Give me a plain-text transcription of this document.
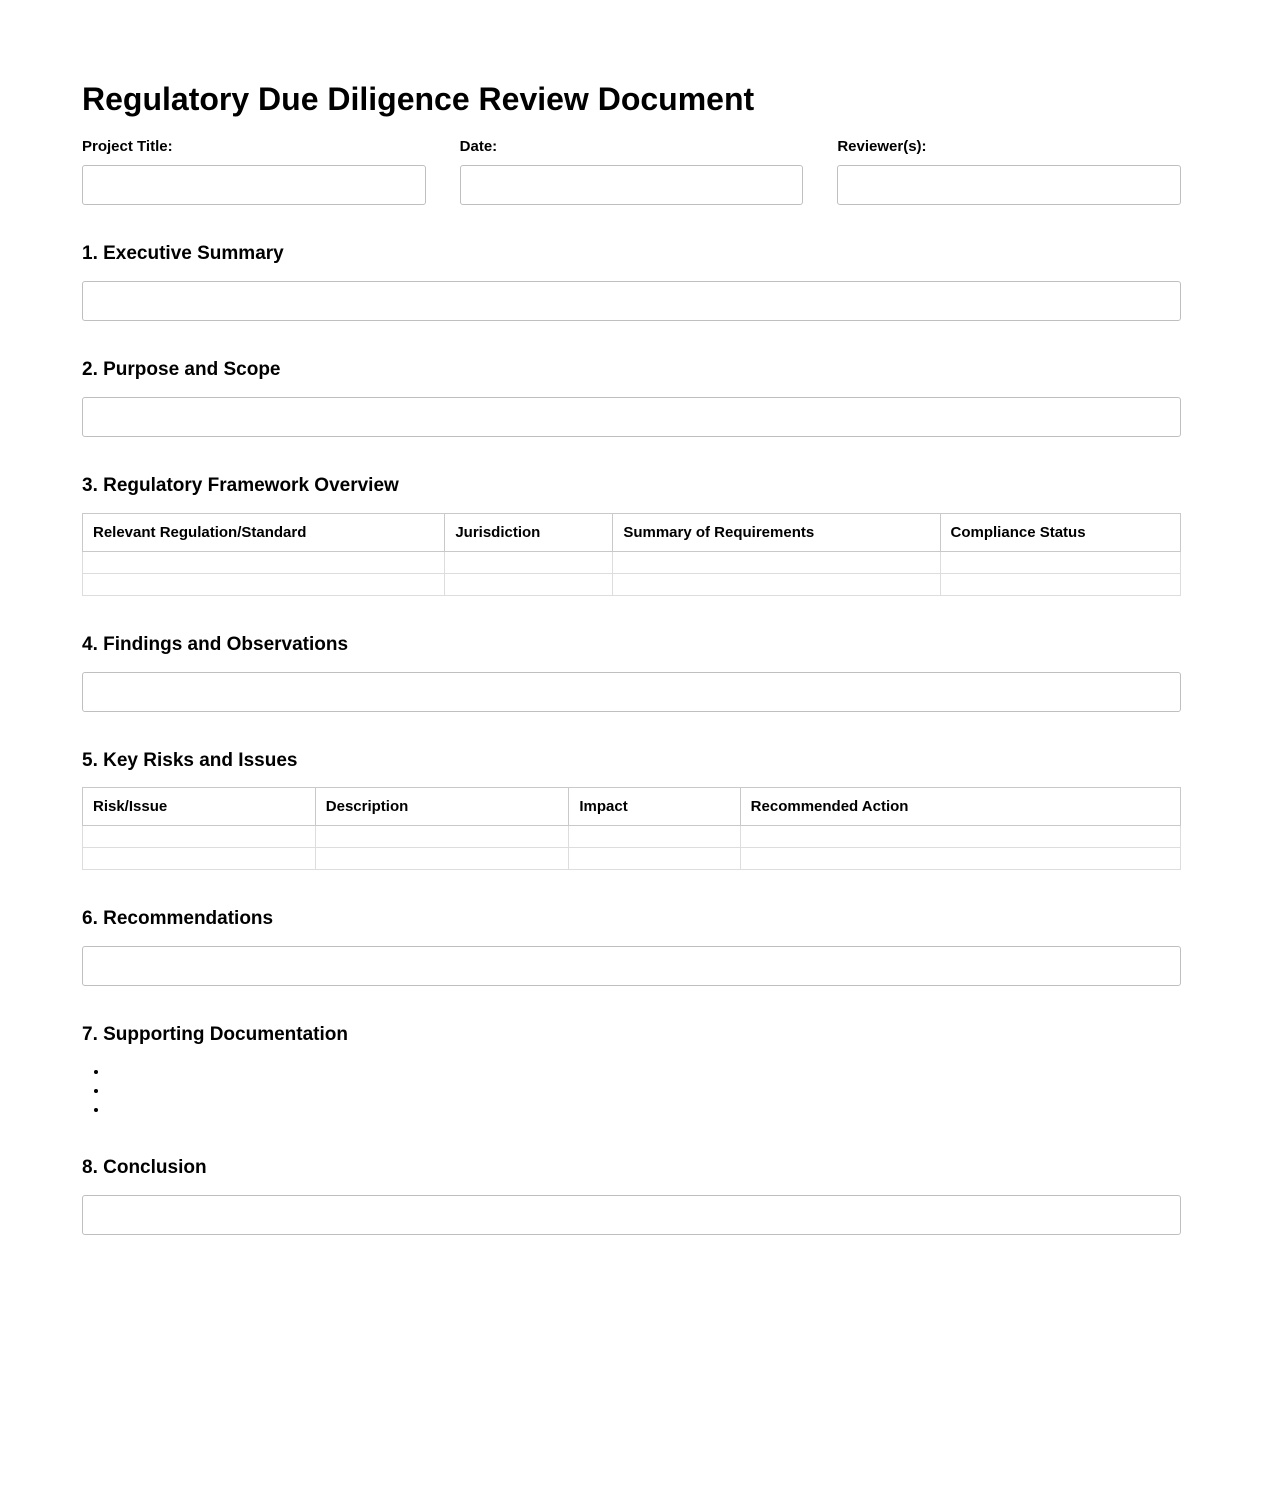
Regulatory Due Diligence Review Document
Project Title:	Date:	Reviewer(s):
1. Executive Summary
2. Purpose and Scope
3. Regulatory Framework Overview
Relevant Regulation/Standard	Jurisdiction	Summary of Requirements	Compliance Status

4. Findings and Observations
5. Key Risks and Issues
Risk/Issue	Description	Impact	Recommended Action

6. Recommendations
7. Supporting Documentation
•
•
•
8. Conclusion
